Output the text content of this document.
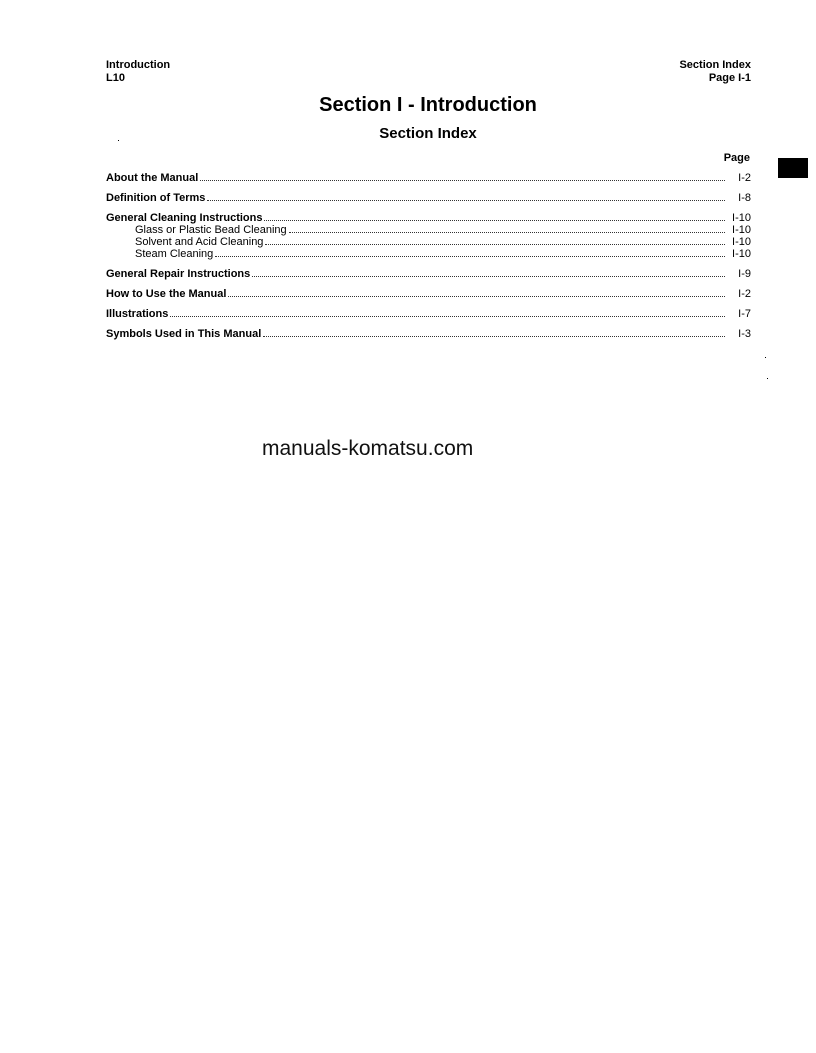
Introduction
L10
Section Index
Page I-1
Section I - Introduction
Section Index
Page
About the Manual	I-2
Definition of Terms	I-8
General Cleaning Instructions	I-10
Glass or Plastic Bead Cleaning	I-10
Solvent and Acid Cleaning	I-10
Steam Cleaning	I-10
General Repair Instructions	I-9
How to Use the Manual	I-2
Illustrations	I-7
Symbols Used in This Manual	I-3
manuals-komatsu.com
